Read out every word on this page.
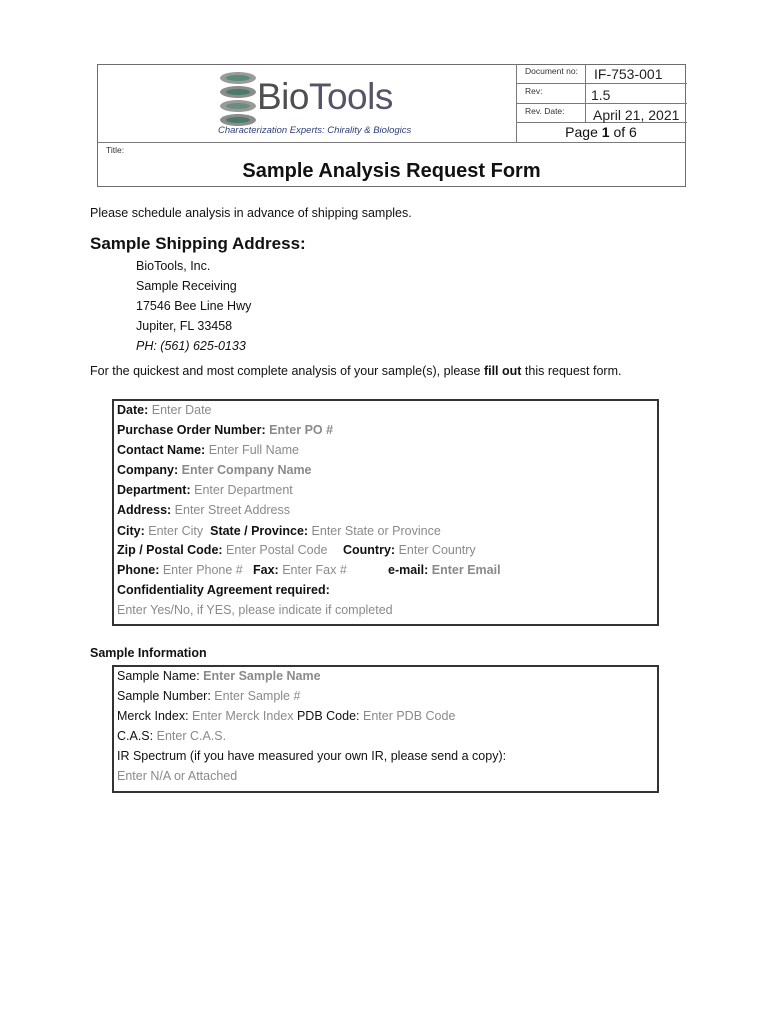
BioTools
Characterization Experts: Chirality & Biologics
Document no: IF-753-001
Rev:	1.5
Rev. Date: April 21, 2021
Page 1 of 6
Title:
Sample Analysis Request Form
Please schedule analysis in advance of shipping samples.
Sample Shipping Address:
BioTools, Inc.
Sample Receiving
17546 Bee Line Hwy
Jupiter, FL 33458
PH: (561) 625-0133
For the quickest and most complete analysis of your sample(s), please fill out this request form.
Date: Enter Date
Purchase Order Number: Enter PO #
Contact Name: Enter Full Name
Company: Enter Company Name
Department: Enter Department
Address: Enter Street Address
City: Enter City State / Province: Enter State or Province
Zip / Postal Code: Enter Postal Code Country: Enter Country
Phone: Enter Phone # Fax: Enter Fax #	e-mail: Enter Email
Confidentiality Agreement required:
Enter Yes/No, if YES, please indicate if completed
Sample Information
Sample Name: Enter Sample Name
Sample Number: Enter Sample #
Merck Index: Enter Merck Index PDB Code: Enter PDB Code
C.A.S: Enter C.A.S.
IR Spectrum (if you have measured your own IR, please send a copy):
Enter N/A or Attached
